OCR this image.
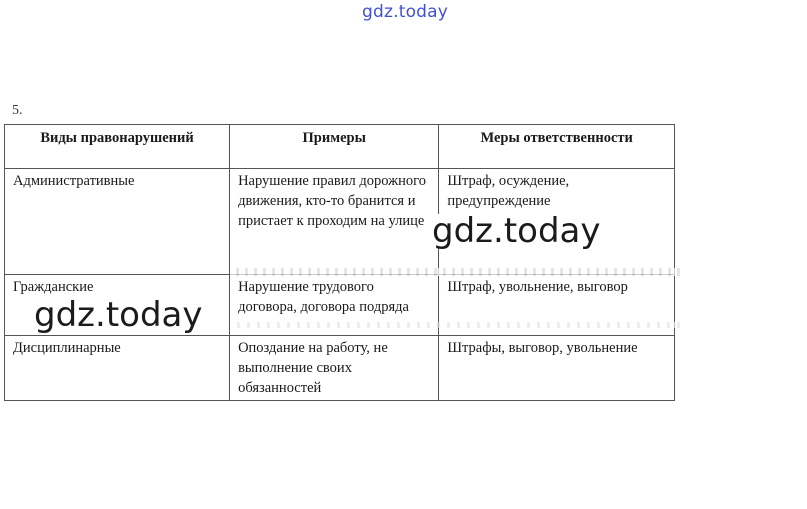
gdz.today
5.
Виды правонарушений	Примеры	Меры ответственности
Административные	Нарушение правил дорожного движения, кто-то бранится и пристает к проходим на улице	Штраф, осуждение, предупреждение
Гражданские	Нарушение трудового договора, договора подряда	Штраф, увольнение, выговор
Дисциплинарные	Опоздание на работу, не выполнение своих обязанностей	Штрафы, выговор, увольнение
gdz.today
gdz.today
